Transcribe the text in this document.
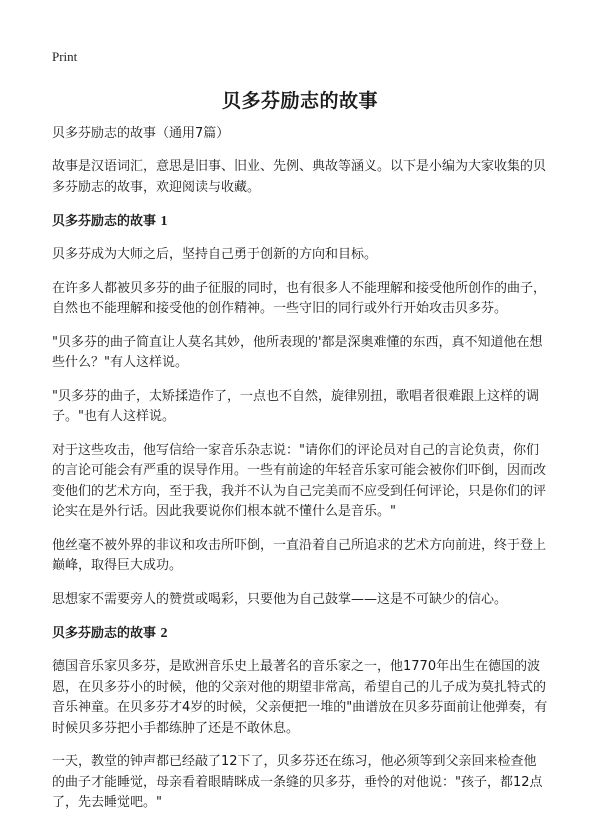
Print
贝多芬励志的故事

贝多芬励志的故事（通用7篇）

故事是汉语词汇，意思是旧事、旧业、先例、典故等涵义。以下是小编为大家收集的贝多芬励志的故事，欢迎阅读与收藏。

贝多芬励志的故事 1

贝多芬成为大师之后，坚持自己勇于创新的方向和目标。

在许多人都被贝多芬的曲子征服的同时，也有很多人不能理解和接受他所创作的曲子，自然也不能理解和接受他的创作精神。一些守旧的同行或外行开始攻击贝多芬。

"贝多芬的曲子简直让人莫名其妙，他所表现的'都是深奥难懂的东西，真不知道他在想些什么？"有人这样说。

"贝多芬的曲子，太矫揉造作了，一点也不自然，旋律别扭，歌唱者很难跟上这样的调子。"也有人这样说。

对于这些攻击，他写信给一家音乐杂志说："请你们的评论员对自己的言论负责，你们的言论可能会有严重的误导作用。一些有前途的年轻音乐家可能会被你们吓倒，因而改变他们的艺术方向，至于我，我并不认为自己完美而不应受到任何评论，只是你们的评论实在是外行话。因此我要说你们根本就不懂什么是音乐。"

他丝毫不被外界的非议和攻击所吓倒，一直沿着自己所追求的艺术方向前进，终于登上巅峰，取得巨大成功。

思想家不需要旁人的赞赏或喝彩，只要他为自己鼓掌——这是不可缺少的信心。

贝多芬励志的故事 2

德国音乐家贝多芬，是欧洲音乐史上最著名的音乐家之一，他1770年出生在德国的波恩，在贝多芬小的时候，他的父亲对他的期望非常高，希望自己的儿子成为莫扎特式的音乐神童。在贝多芬才4岁的时候，父亲便把一堆的"曲谱放在贝多芬面前让他弹奏，有时候贝多芬把小手都练肿了还是不敢休息。

一天，教堂的钟声都已经敲了12下了，贝多芬还在练习，他必须等到父亲回来检查他的曲子才能睡觉，母亲看着眼睛眯成一条缝的贝多芬，垂怜的对他说："孩子，都12点了，先去睡觉吧。"
